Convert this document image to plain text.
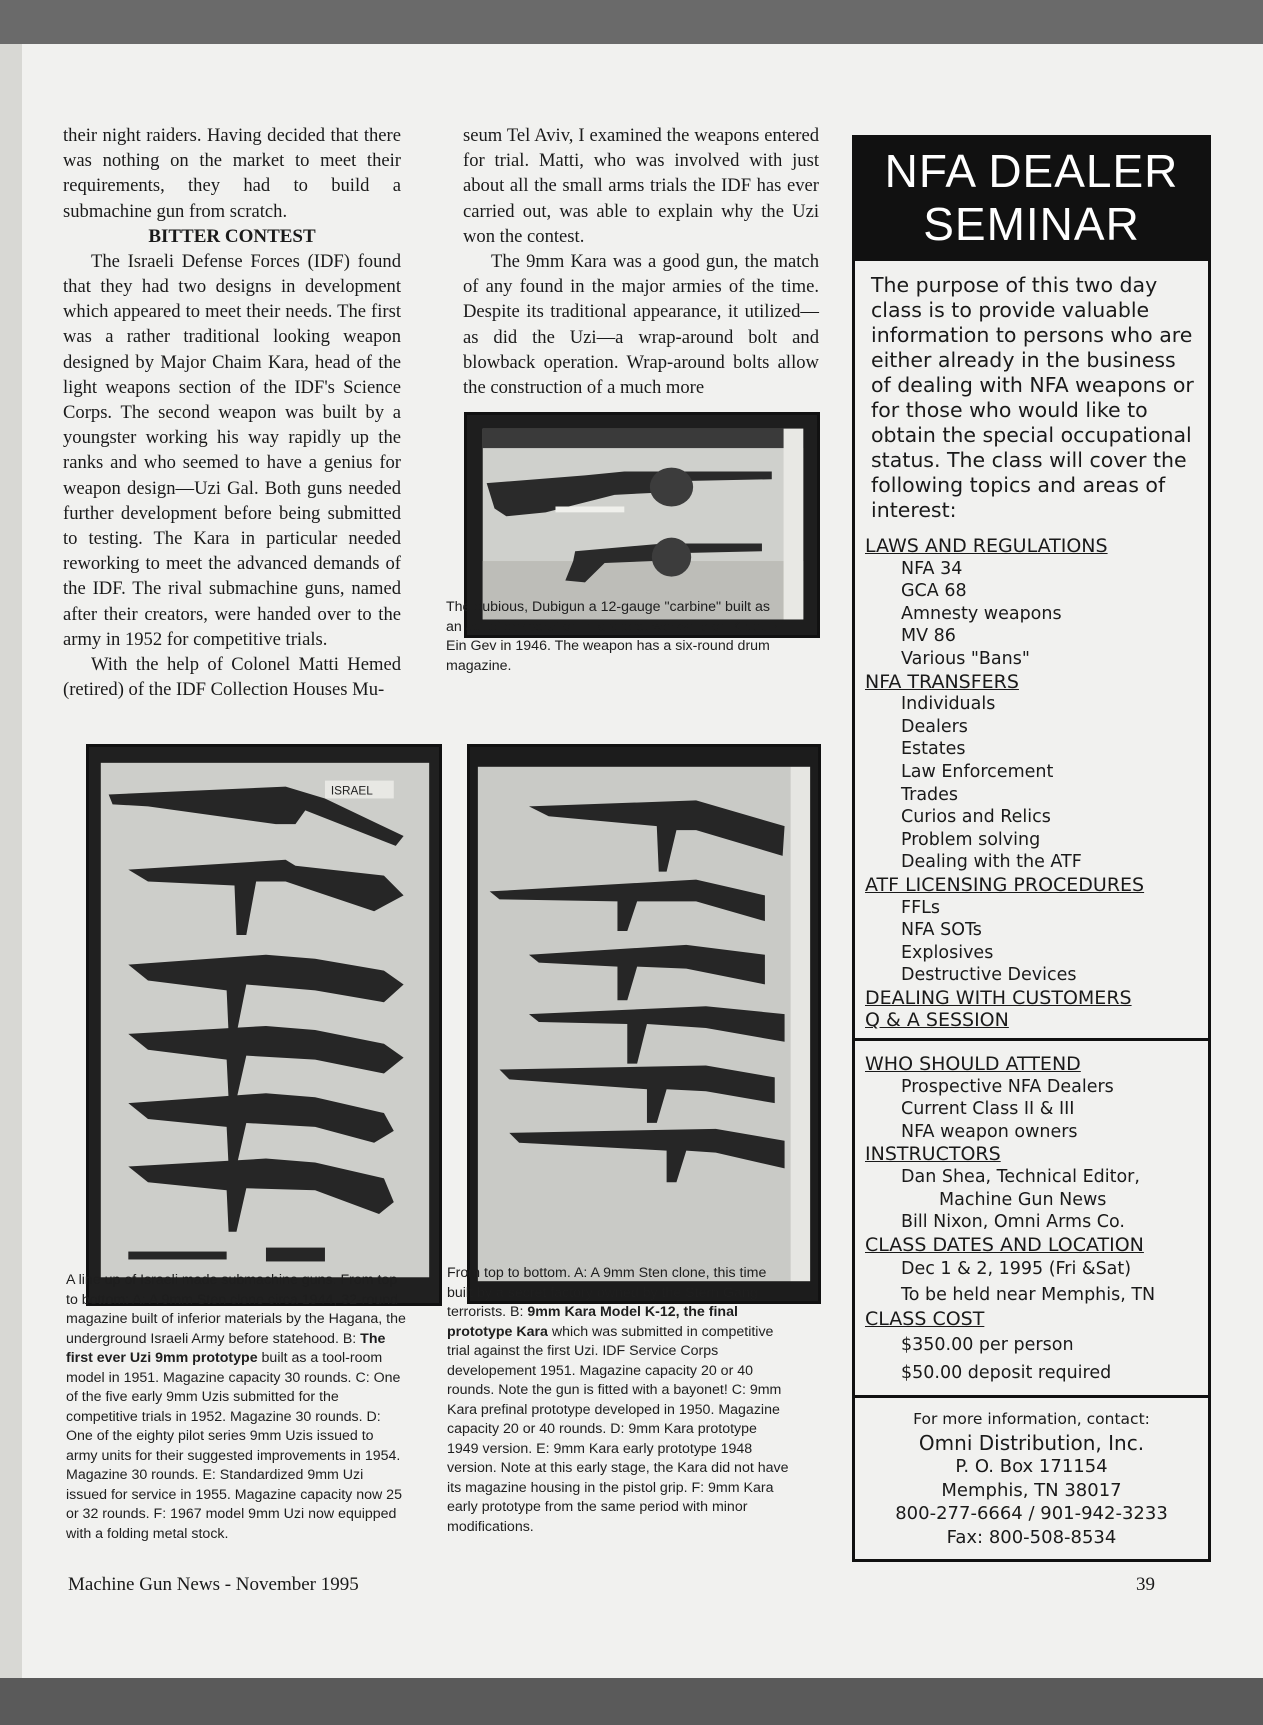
their night raiders. Having decided that there was nothing on the market to meet their requirements, they had to build a submachine gun from scratch.

BITTER CONTEST

The Israeli Defense Forces (IDF) found that they had two designs in development which appeared to meet their needs. The first was a rather traditional looking weapon designed by Major Chaim Kara, head of the light weapons section of the IDF's Science Corps. The second weapon was built by a youngster working his way rapidly up the ranks and who seemed to have a genius for weapon design—Uzi Gal. Both guns needed further development before being submitted to testing. The Kara in particular needed reworking to meet the advanced demands of the IDF. The rival submachine guns, named after their creators, were handed over to the army in 1952 for competitive trials.

With the help of Colonel Matti Hemed (retired) of the IDF Collection Houses Mu-

seum Tel Aviv, I examined the weapons entered for trial. Matti, who was involved with just about all the small arms trials the IDF has ever carried out, was able to explain why the Uzi won the contest.

The 9mm Kara was a good gun, the match of any found in the major armies of the time. Despite its traditional appearance, it utilized—as did the Uzi—a wrap-around bolt and blowback operation. Wrap-around bolts allow the construction of a much more

The dubious, Dubigun a 12-gauge "carbine" built as an act of desperation in a secret workship on Kibbutz Ein Gev in 1946. The weapon has a six-round drum magazine.
ISRAEL
A line up of Israeli made submachine guns. From top to bottom: A: A 9mm Sten clone circa 1944, 32-round magazine built of inferior materials by the Hagana, the underground Israeli Army before statehood. B: The first ever Uzi 9mm prototype built as a tool-room model in 1951. Magazine capacity 30 rounds. C: One of the five early 9mm Uzis submitted for the competitive trials in 1952. Magazine 30 rounds. D: One of the eighty pilot series 9mm Uzis issued to army units for their suggested improvements in 1954. Magazine 30 rounds. E: Standardized 9mm Uzi issued for service in 1955. Magazine capacity now 25 or 32 rounds. F: 1967 model 9mm Uzi now equipped with a folding metal stock.
From top to bottom. A: A 9mm Sten clone, this time built by a secret factory owned by the Stern Gang terrorists. B: 9mm Kara Model K-12, the final prototype Kara which was submitted in competitive trial against the first Uzi. IDF Service Corps developement 1951. Magazine capacity 20 or 40 rounds. Note the gun is fitted with a bayonet! C: 9mm Kara prefinal prototype developed in 1950. Magazine capacity 20 or 40 rounds. D: 9mm Kara prototype 1949 version. E: 9mm Kara early prototype 1948 version. Note at this early stage, the Kara did not have its magazine housing in the pistol grip. F: 9mm Kara early prototype from the same period with minor modifications.
Machine Gun News - November 1995	39
NFA DEALER
SEMINAR
The purpose of this two day class is to provide valuable information to persons who are either already in the business of dealing with NFA weapons or for those who would like to obtain the special occupational status. The class will cover the following topics and areas of interest:
LAWS AND REGULATIONS
NFA 34
GCA 68
Amnesty weapons
MV 86
Various "Bans"
NFA TRANSFERS
Individuals
Dealers
Estates
Law Enforcement
Trades
Curios and Relics
Problem solving
Dealing with the ATF
ATF LICENSING PROCEDURES
FFLs
NFA SOTs
Explosives
Destructive Devices
DEALING WITH CUSTOMERS
Q & A SESSION
WHO SHOULD ATTEND
Prospective NFA Dealers
Current Class II & III
NFA weapon owners
INSTRUCTORS
Dan Shea, Technical Editor,
Machine Gun News
Bill Nixon, Omni Arms Co.
CLASS DATES AND LOCATION
Dec 1 & 2, 1995 (Fri &Sat)
To be held near Memphis, TN
CLASS COST
$350.00 per person
$50.00 deposit required
For more information, contact:
Omni Distribution, Inc.
P. O. Box 171154
Memphis, TN 38017
800-277-6664 / 901-942-3233
Fax: 800-508-8534
